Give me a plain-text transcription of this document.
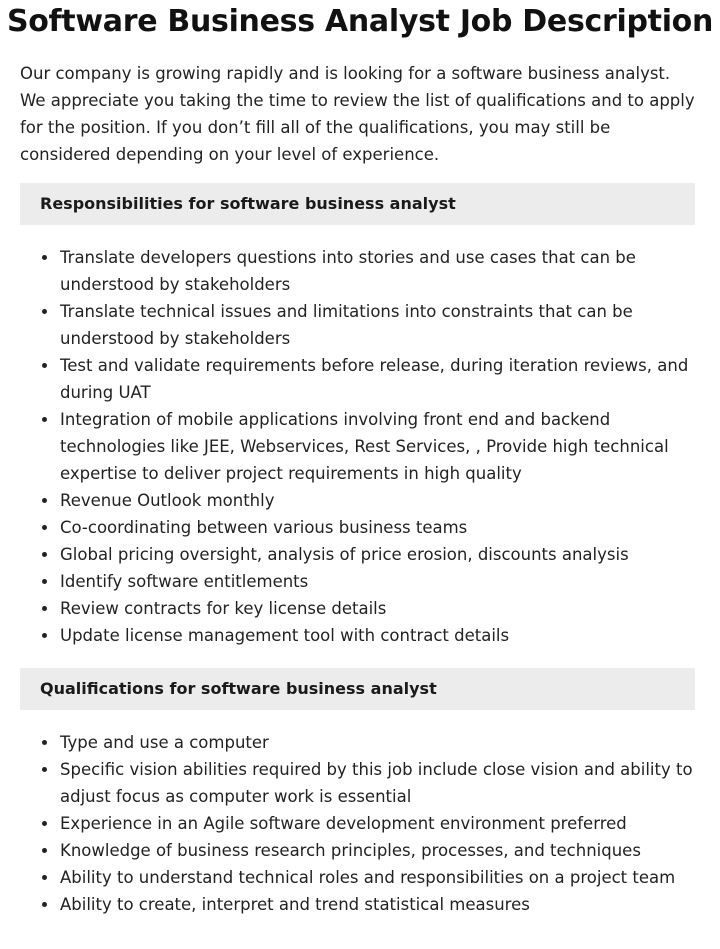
Software Business Analyst Job Description

Our company is growing rapidly and is looking for a software business analyst. We appreciate you taking the time to review the list of qualifications and to apply for the position. If you don’t fill all of the qualifications, you may still be considered depending on your level of experience.

Responsibilities for software business analyst
Translate developers questions into stories and use cases that can be understood by stakeholders
Translate technical issues and limitations into constraints that can be understood by stakeholders
Test and validate requirements before release, during iteration reviews, and during UAT
Integration of mobile applications involving front end and backend technologies like JEE, Webservices, Rest Services, , Provide high technical expertise to deliver project requirements in high quality
Revenue Outlook monthly
Co-coordinating between various business teams
Global pricing oversight, analysis of price erosion, discounts analysis
Identify software entitlements
Review contracts for key license details
Update license management tool with contract details
Qualifications for software business analyst
Type and use a computer
Specific vision abilities required by this job include close vision and ability to adjust focus as computer work is essential
Experience in an Agile software development environment preferred
Knowledge of business research principles, processes, and techniques
Ability to understand technical roles and responsibilities on a project team
Ability to create, interpret and trend statistical measures
